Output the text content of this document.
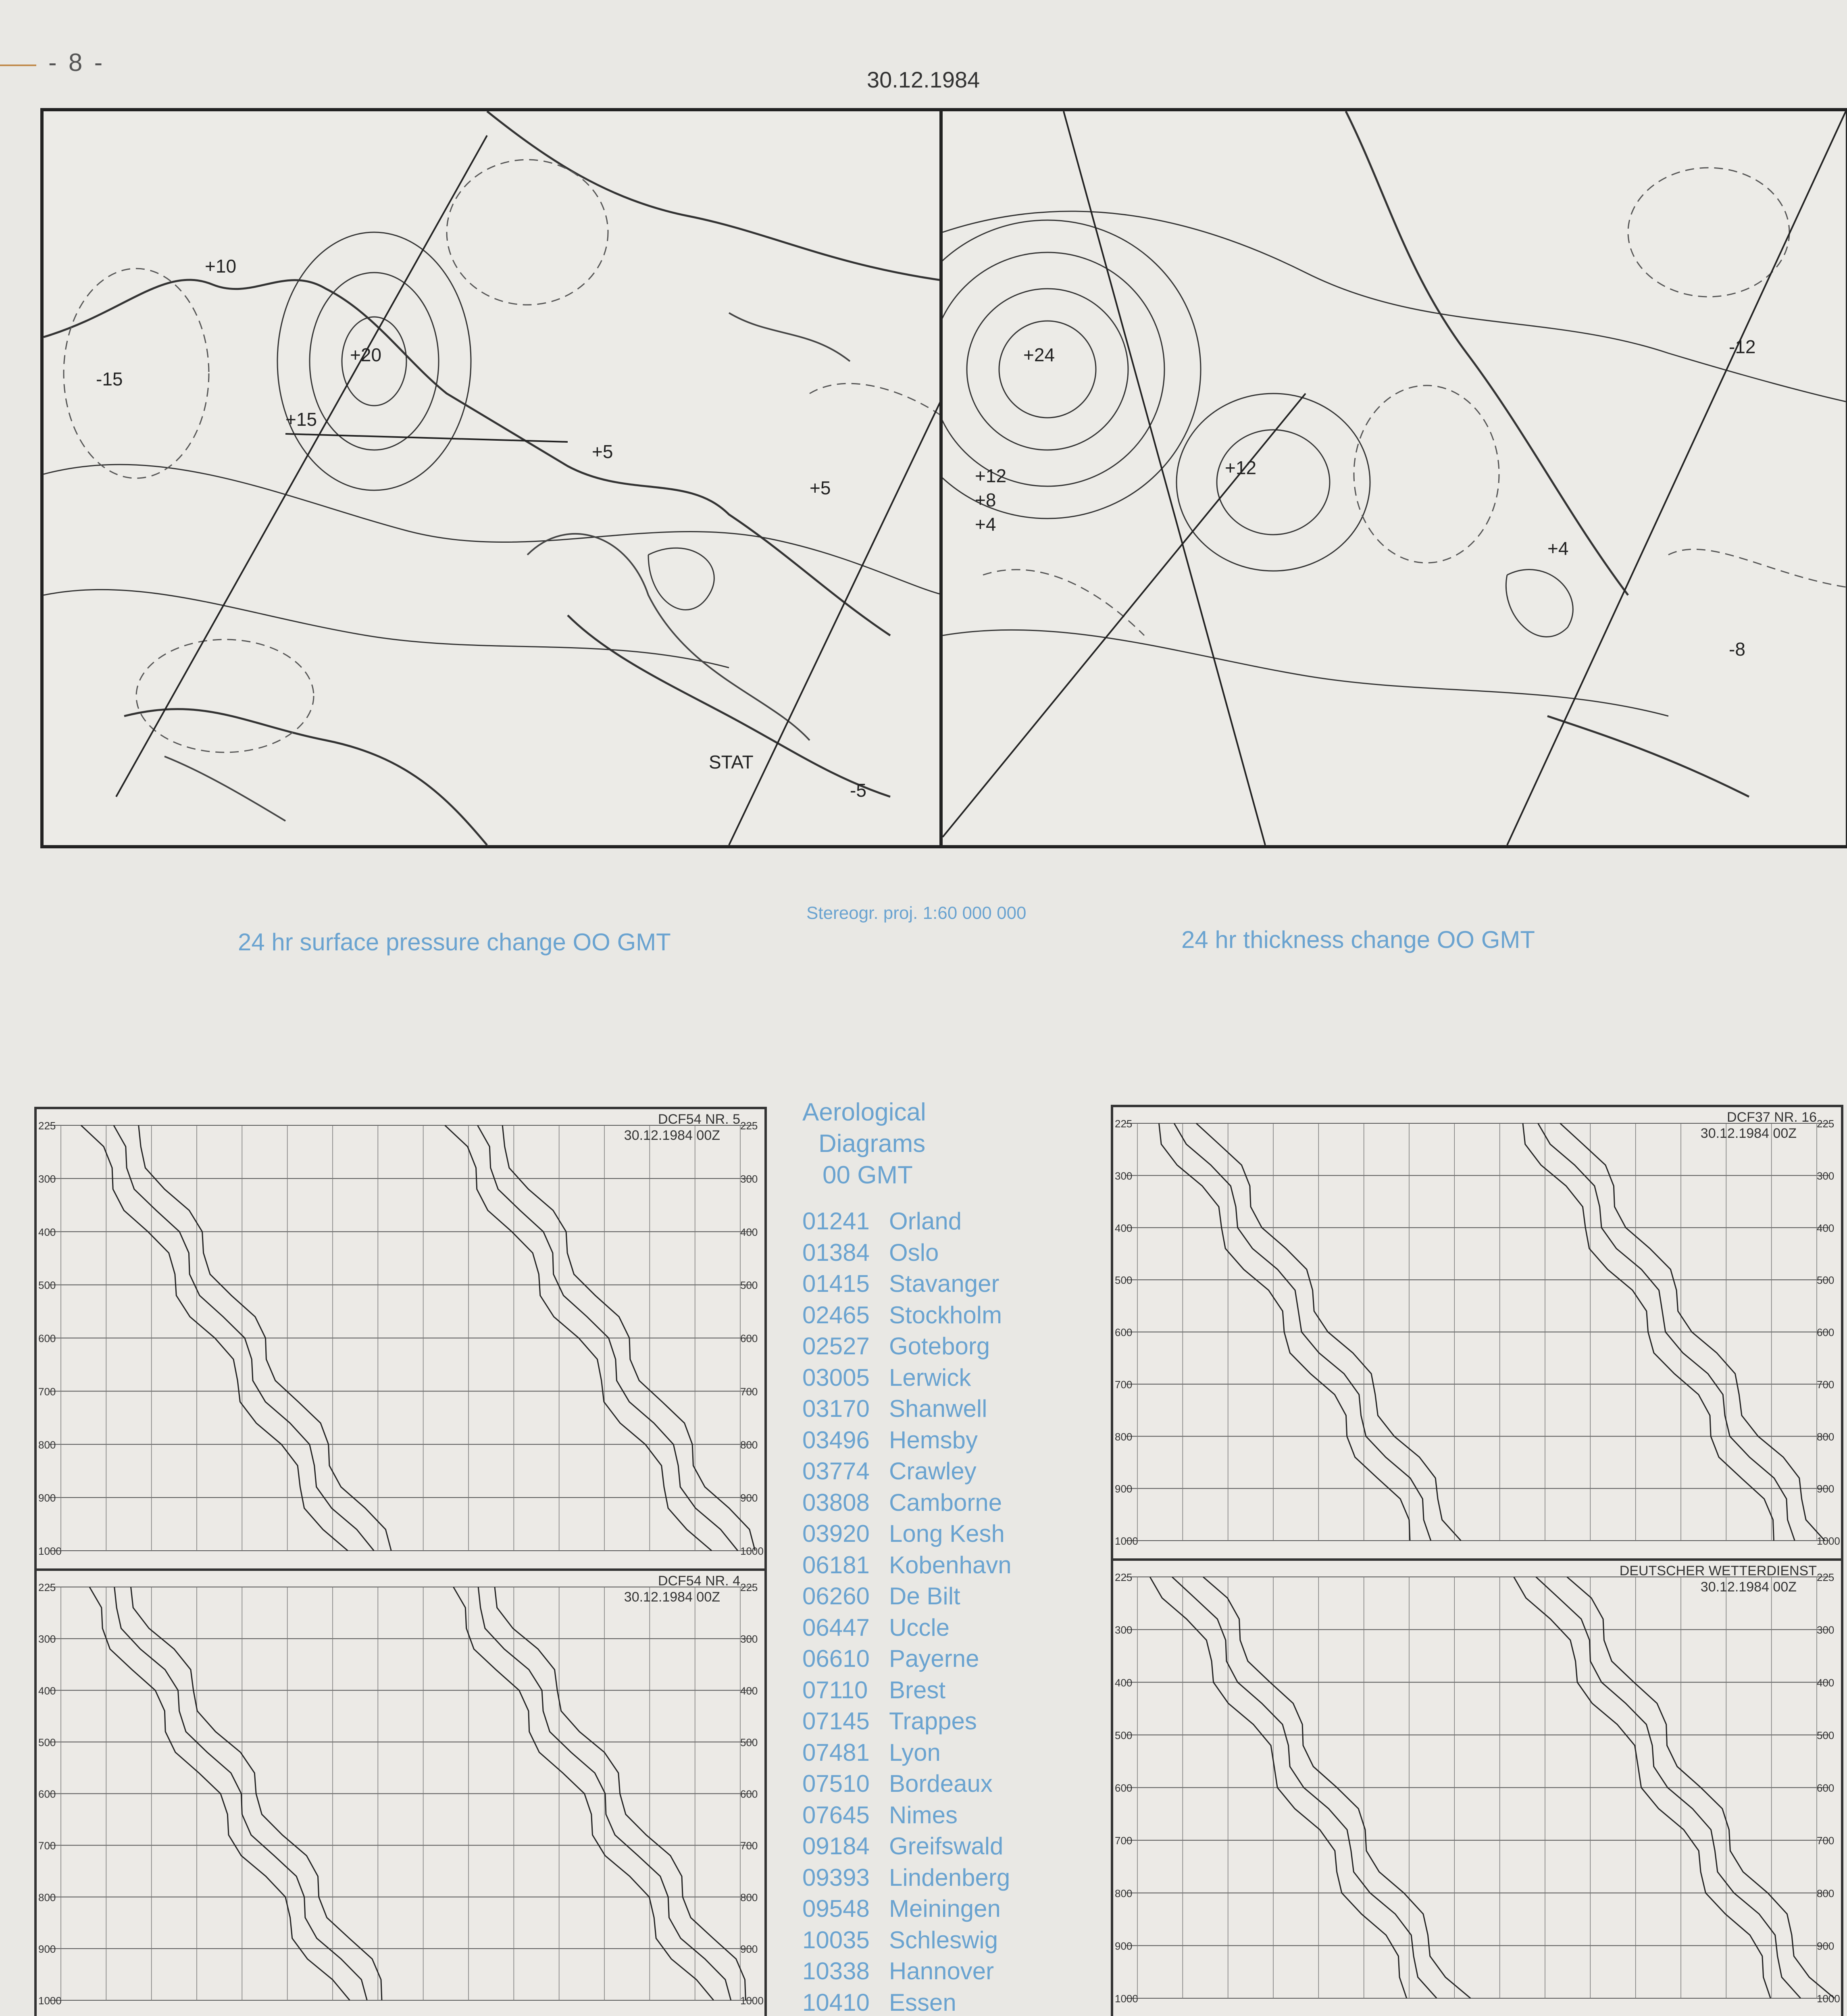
- 8 -
30.12.1984
+20
+15
+10
-15
+5
+5
-5
STAT
+24
+12
+8
+4
+12
+4
-8
-12
Stereogr. proj. 1:60 000 000
24 hr surface pressure change OO GMT	24 hr thickness change OO GMT
225	225
300	300
400	400
500	500
600	600
700	700
800	800
900	900
1000	1000
DCF54 NR. 5
30.12.1984 00Z
225	225
300	300
400	400
500	500
600	600
700	700
800	800
900	900
1000	1000
DCF54 NR. 4
30.12.1984 00Z
225	225
300	300
400	400
500	500
600	600
700	700
800	800
900	900
1000	1000
DCF37 NR. 16
30.12.1984 00Z
225	225
300	300
400	400
500	500
600	600
700	700
800	800
900	900
1000	1000
DEUTSCHER WETTERDIENST
30.12.1984 00Z
Aerological
Diagrams
00 GMT
01241 Orland
01384 Oslo
01415 Stavanger
02465 Stockholm
02527 Goteborg
03005 Lerwick
03170 Shanwell
03496 Hemsby
03774 Crawley
03808 Camborne
03920 Long Kesh
06181 Kobenhavn
06260 De Bilt
06447 Uccle
06610 Payerne
07110 Brest
07145 Trappes
07481 Lyon
07510 Bordeaux
07645 Nimes
09184 Greifswald
09393 Lindenberg
09548 Meiningen
10035 Schleswig
10338 Hannover
10410 Essen
